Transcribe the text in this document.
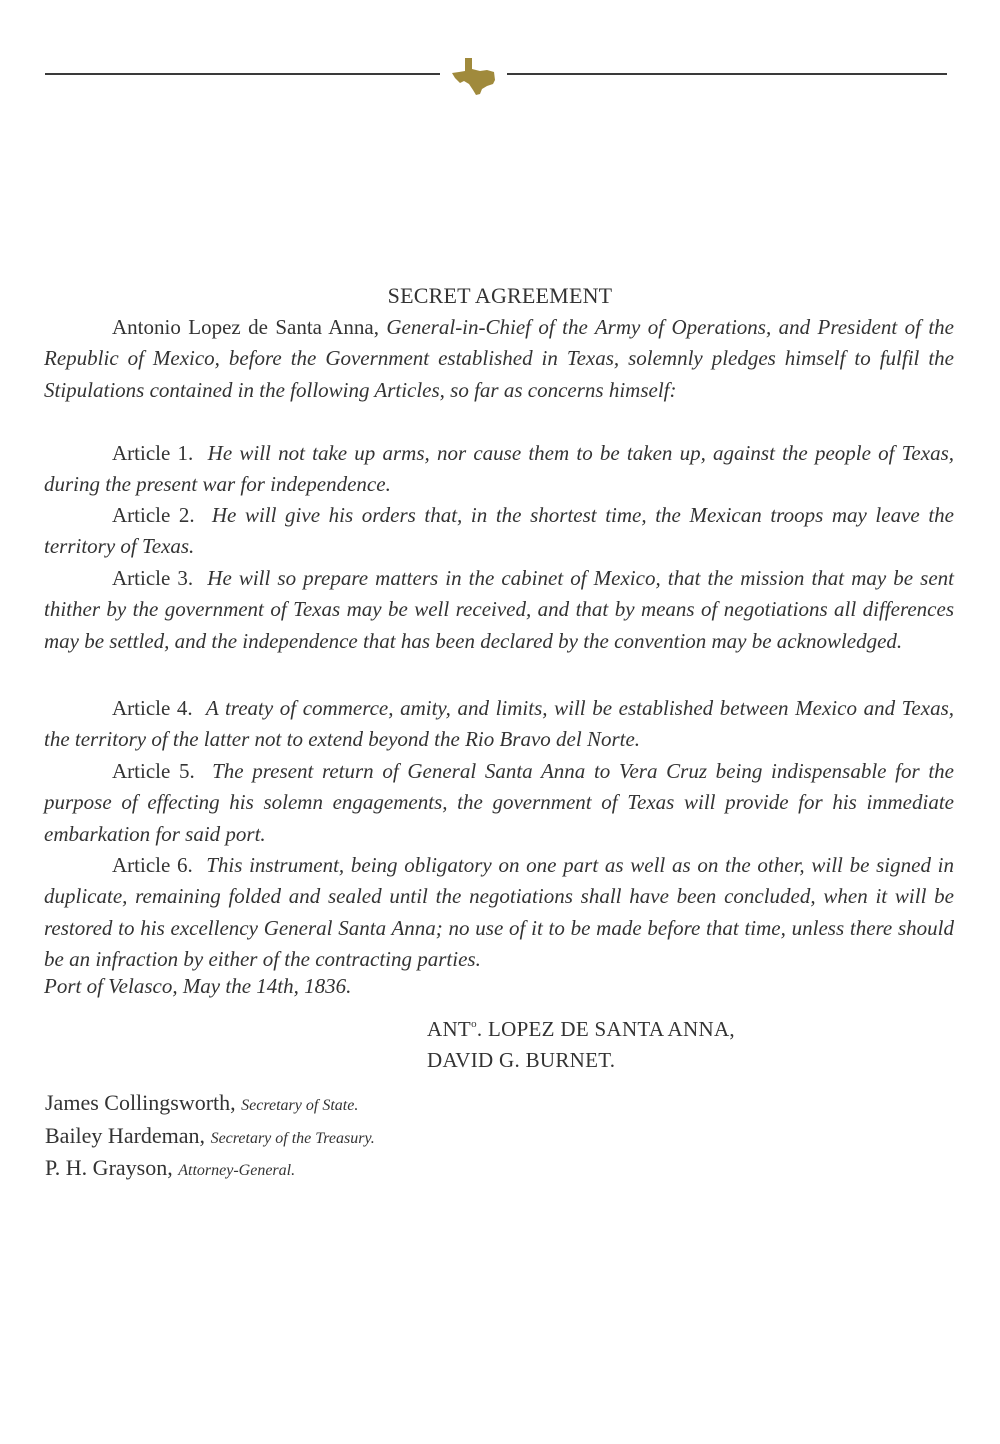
SECRET AGREEMENT

Antonio Lopez de Santa Anna, General-in-Chief of the Army of Operations, and President of the Republic of Mexico, before the Government established in Texas, solemnly pledges himself to fulfil the Stipulations contained in the following Articles, so far as concerns himself:

Article 1. He will not take up arms, nor cause them to be taken up, against the people of Texas, during the present war for independence.

Article 2. He will give his orders that, in the shortest time, the Mexican troops may leave the territory of Texas.

Article 3. He will so prepare matters in the cabinet of Mexico, that the mission that may be sent thither by the government of Texas may be well received, and that by means of negotiations all differences may be settled, and the independence that has been declared by the convention may be acknowledged.

Article 4. A treaty of commerce, amity, and limits, will be established between Mexico and Texas, the territory of the latter not to extend beyond the Rio Bravo del Norte.

Article 5. The present return of General Santa Anna to Vera Cruz being indispensable for the purpose of effecting his solemn engagements, the government of Texas will provide for his immediate embarkation for said port.

Article 6. This instrument, being obligatory on one part as well as on the other, will be signed in duplicate, remaining folded and sealed until the negotiations shall have been concluded, when it will be restored to his excellency General Santa Anna; no use of it to be made before that time, unless there should be an infraction by either of the contracting parties.

Port of Velasco, May the 14th, 1836.
ANT$^o$. LOPEZ DE SANTA ANNA,
DAVID G. BURNET.
James Collingsworth, Secretary of State.
Bailey Hardeman, Secretary of the Treasury.
P. H. Grayson, Attorney-General.
